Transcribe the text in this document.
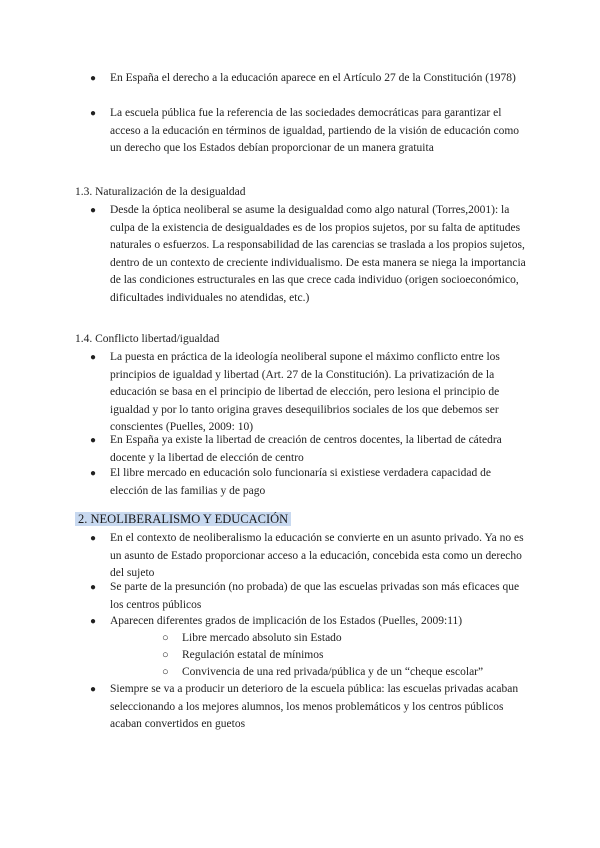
● En España el derecho a la educación aparece en el Artículo 27 de la Constitución (1978)
● La escuela pública fue la referencia de las sociedades democráticas para garantizar el acceso a la educación en términos de igualdad, partiendo de la visión de educación como un derecho que los Estados debían proporcionar de un manera gratuita
1.3. Naturalización de la desigualdad
● Desde la óptica neoliberal se asume la desigualdad como algo natural (Torres,2001): la culpa de la existencia de desigualdades es de los propios sujetos, por su falta de aptitudes naturales o esfuerzos. La responsabilidad de las carencias se traslada a los propios sujetos, dentro de un contexto de creciente individualismo. De esta manera se niega la importancia de las condiciones estructurales en las que crece cada individuo (origen socioeconómico, dificultades individuales no atendidas, etc.)
1.4. Conflicto libertad/igualdad
● La puesta en práctica de la ideología neoliberal supone el máximo conflicto entre los principios de igualdad y libertad (Art. 27 de la Constitución). La privatización de la educación se basa en el principio de libertad de elección, pero lesiona el principio de igualdad y por lo tanto origina graves desequilibrios sociales de los que debemos ser conscientes (Puelles, 2009: 10)
● En España ya existe la libertad de creación de centros docentes, la libertad de cátedra docente y la libertad de elección de centro
● El libre mercado en educación solo funcionaría si existiese verdadera capacidad de elección de las familias y de pago
2. NEOLIBERALISMO Y EDUCACIÓN
● En el contexto de neoliberalismo la educación se convierte en un asunto privado. Ya no es un asunto de Estado proporcionar acceso a la educación, concebida esta como un derecho del sujeto
● Se parte de la presunción (no probada) de que las escuelas privadas son más eficaces que los centros públicos
● Aparecen diferentes grados de implicación de los Estados (Puelles, 2009:11)
○ Libre mercado absoluto sin Estado
○ Regulación estatal de mínimos
○ Convivencia de una red privada/pública y de un “cheque escolar”
● Siempre se va a producir un deterioro de la escuela pública: las escuelas privadas acaban seleccionando a los mejores alumnos, los menos problemáticos y los centros públicos acaban convertidos en guetos
